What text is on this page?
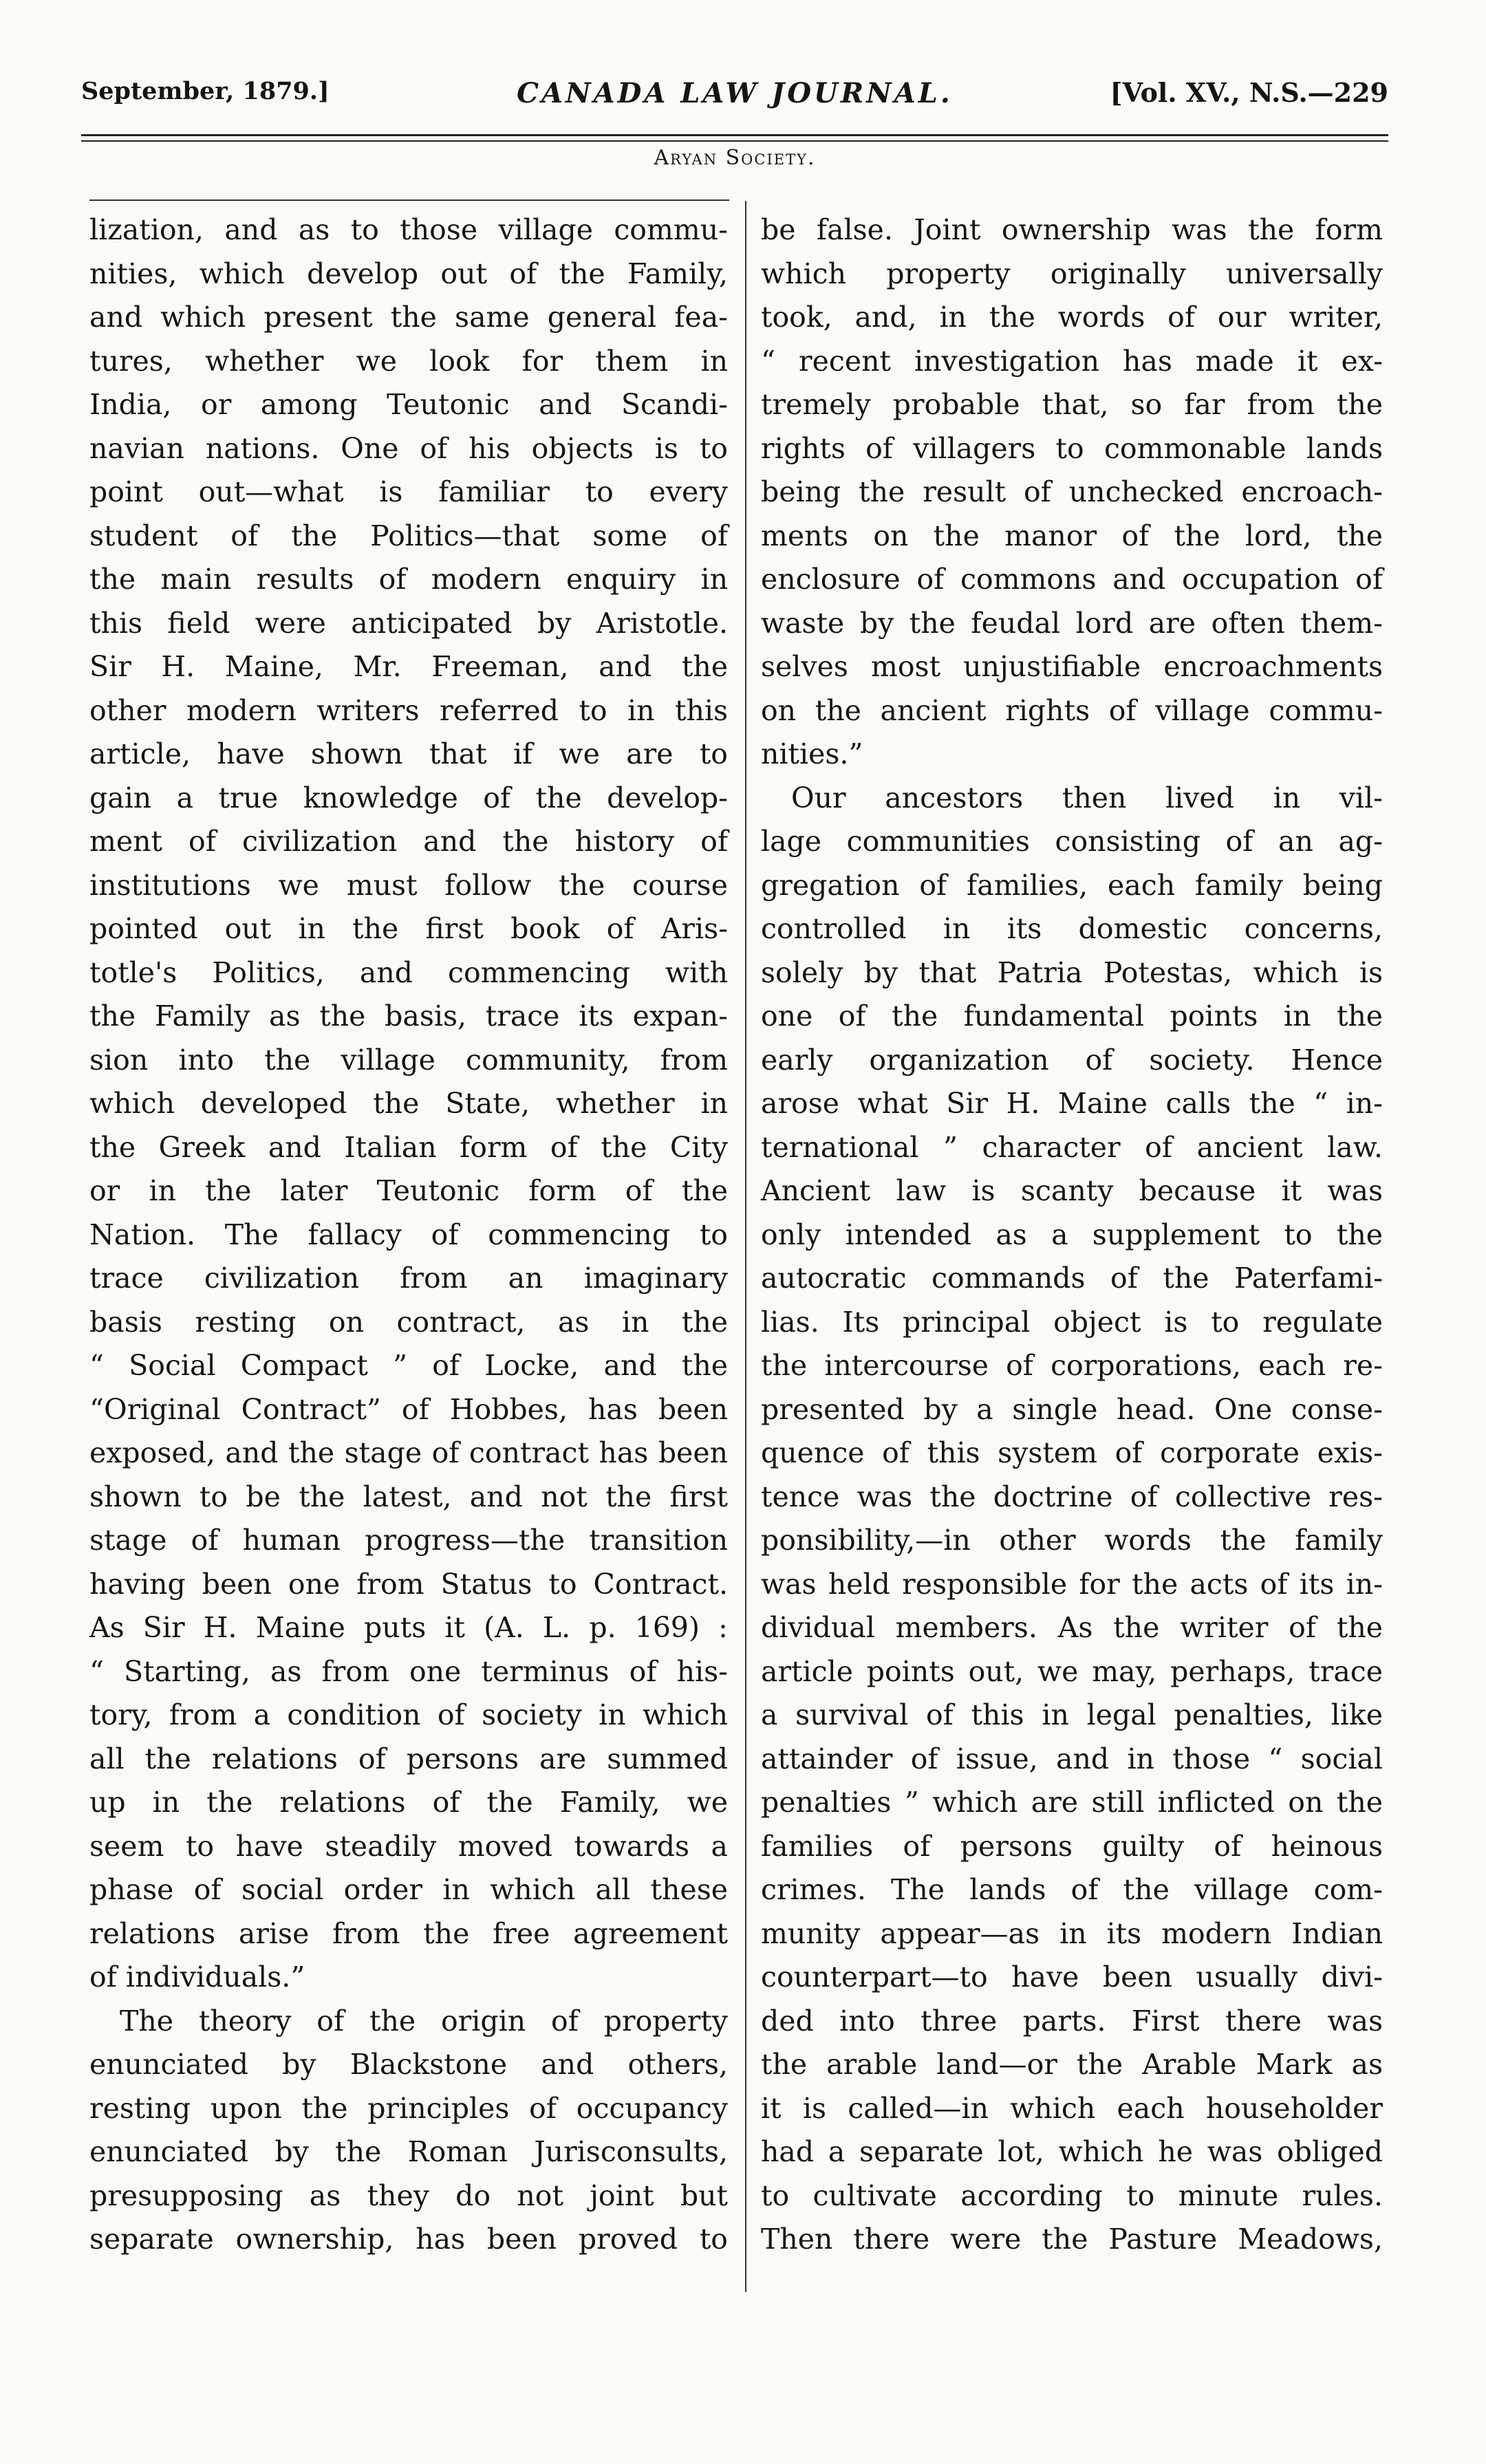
September, 1879.]	CANADA LAW JOURNAL.	[Vol. XV., N.S.—229
Aryan Society.
lization, and as to those village commu-
nities, which develop out of the Family,
and which present the same general fea-
tures, whether we look for them in
India, or among Teutonic and Scandi-
navian nations. One of his objects is to
point out—what is familiar to every
student of the Politics—that some of
the main results of modern enquiry in
this field were anticipated by Aristotle.
Sir H. Maine, Mr. Freeman, and the
other modern writers referred to in this
article, have shown that if we are to
gain a true knowledge of the develop-
ment of civilization and the history of
institutions we must follow the course
pointed out in the first book of Aris-
totle's Politics, and commencing with
the Family as the basis, trace its expan-
sion into the village community, from
which developed the State, whether in
the Greek and Italian form of the City
or in the later Teutonic form of the
Nation. The fallacy of commencing to
trace civilization from an imaginary
basis resting on contract, as in the
“ Social Compact ” of Locke, and the
“Original Contract” of Hobbes, has been
exposed, and the stage of contract has been
shown to be the latest, and not the first
stage of human progress—the transition
having been one from Status to Contract.
As Sir H. Maine puts it (A. L. p. 169) :
“ Starting, as from one terminus of his-
tory, from a condition of society in which
all the relations of persons are summed
up in the relations of the Family, we
seem to have steadily moved towards a
phase of social order in which all these
relations arise from the free agreement
of individuals.”
The theory of the origin of property
enunciated by Blackstone and others,
resting upon the principles of occupancy
enunciated by the Roman Jurisconsults,
presupposing as they do not joint but
separate ownership, has been proved to
be false. Joint ownership was the form
which property originally universally
took, and, in the words of our writer,
“ recent investigation has made it ex-
tremely probable that, so far from the
rights of villagers to commonable lands
being the result of unchecked encroach-
ments on the manor of the lord, the
enclosure of commons and occupation of
waste by the feudal lord are often them-
selves most unjustifiable encroachments
on the ancient rights of village commu-
nities.”
Our ancestors then lived in vil-
lage communities consisting of an ag-
gregation of families, each family being
controlled in its domestic concerns,
solely by that Patria Potestas, which is
one of the fundamental points in the
early organization of society. Hence
arose what Sir H. Maine calls the “ in-
ternational ” character of ancient law.
Ancient law is scanty because it was
only intended as a supplement to the
autocratic commands of the Paterfami-
lias. Its principal object is to regulate
the intercourse of corporations, each re-
presented by a single head. One conse-
quence of this system of corporate exis-
tence was the doctrine of collective res-
ponsibility,—in other words the family
was held responsible for the acts of its in-
dividual members. As the writer of the
article points out, we may, perhaps, trace
a survival of this in legal penalties, like
attainder of issue, and in those “ social
penalties ” which are still inflicted on the
families of persons guilty of heinous
crimes. The lands of the village com-
munity appear—as in its modern Indian
counterpart—to have been usually divi-
ded into three parts. First there was
the arable land—or the Arable Mark as
it is called—in which each householder
had a separate lot, which he was obliged
to cultivate according to minute rules.
Then there were the Pasture Meadows,
